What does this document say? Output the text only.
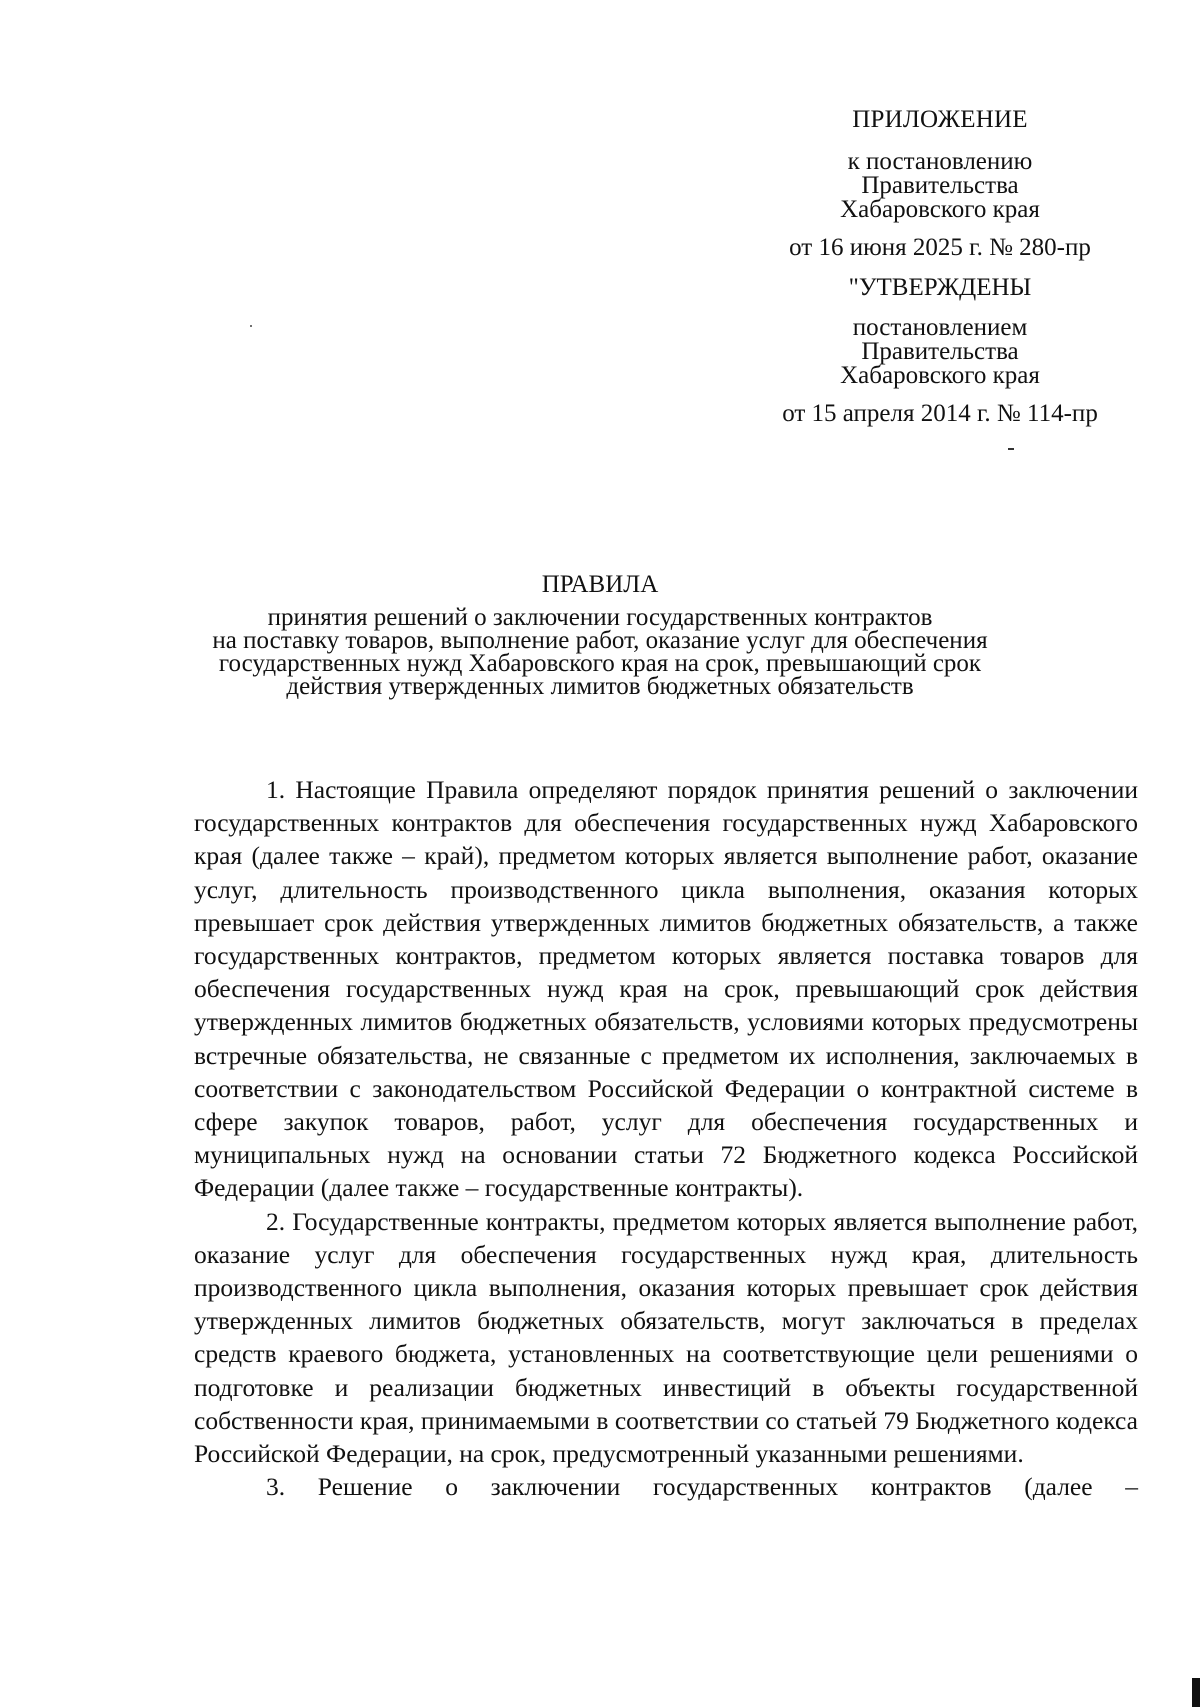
ПРИЛОЖЕНИЕ
к постановлению
Правительства
Хабаровского края
от 16 июня 2025 г. № 280-пр
"УТВЕРЖДЕНЫ
постановлением
Правительства
Хабаровского края
от 15 апреля 2014 г. № 114-пр
ПРАВИЛА
принятия решений о заключении государственных контрактов
на поставку товаров, выполнение работ, оказание услуг для обеспечения
государственных нужд Хабаровского края на срок, превышающий срок
действия утвержденных лимитов бюджетных обязательств

1. Настоящие Правила определяют порядок принятия решений о заключении государственных контрактов для обеспечения государственных нужд Хабаровского края (далее также – край), предметом которых является выполнение работ, оказание услуг, длительность производственного цикла выполнения, оказания которых превышает срок действия утвержденных лимитов бюджетных обязательств, а также государственных контрактов, предметом которых является поставка товаров для обеспечения государственных нужд края на срок, превышающий срок действия утвержденных лимитов бюджетных обязательств, условиями которых предусмотрены встречные обязательства, не связанные с предметом их исполнения, заключаемых в соответствии с законодательством Российской Федерации о контрактной системе в сфере закупок товаров, работ, услуг для обеспечения государственных и муниципальных нужд на основании статьи 72 Бюджетного кодекса Российской Федерации (далее также – государственные контракты).

2. Государственные контракты, предметом которых является выполнение работ, оказание услуг для обеспечения государственных нужд края, длительность производственного цикла выполнения, оказания которых превышает срок действия утвержденных лимитов бюджетных обязательств, могут заключаться в пределах средств краевого бюджета, установленных на соответствующие цели решениями о подготовке и реализации бюджетных инвестиций в объекты государственной собственности края, принимаемыми в соответствии со статьей 79 Бюджетного кодекса Российской Федерации, на срок, предусмотренный указанными решениями.

3. Решение о заключении государственных контрактов (далее –
